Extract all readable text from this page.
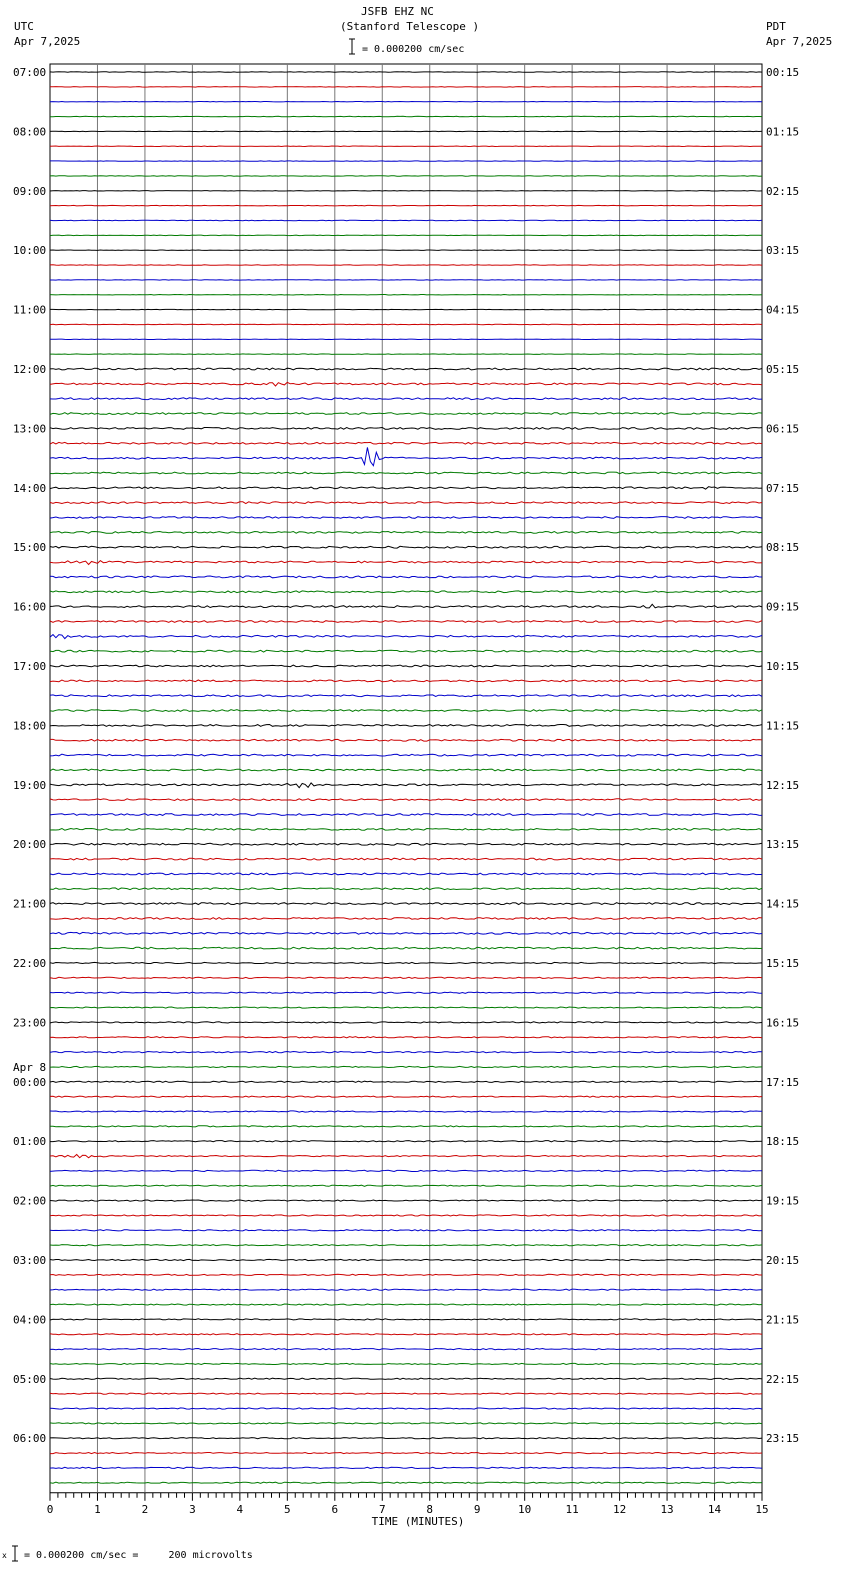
JSFB EHZ NC
(Stanford Telescope )
UTC
Apr 7,2025
PDT
Apr 7,2025
= 0.000200 cm/sec
07:00
08:00
09:00
10:00
11:00
12:00
13:00
14:00
15:00
16:00
17:00
18:00
19:00
20:00
21:00
22:00
23:00
00:00
Apr 8
01:00
02:00
03:00
04:00
05:00
06:00
00:15
01:15
02:15
03:15
04:15
05:15
06:15
07:15
08:15
09:15
10:15
11:15
12:15
13:15
14:15
15:15
16:15
17:15
18:15
19:15
20:15
21:15
22:15
23:15
0	1	2	3	4	5	6	7	8	9	10	11	12	13	14	15
TIME (MINUTES)
x = 0.000200 cm/sec =     200 microvolts
